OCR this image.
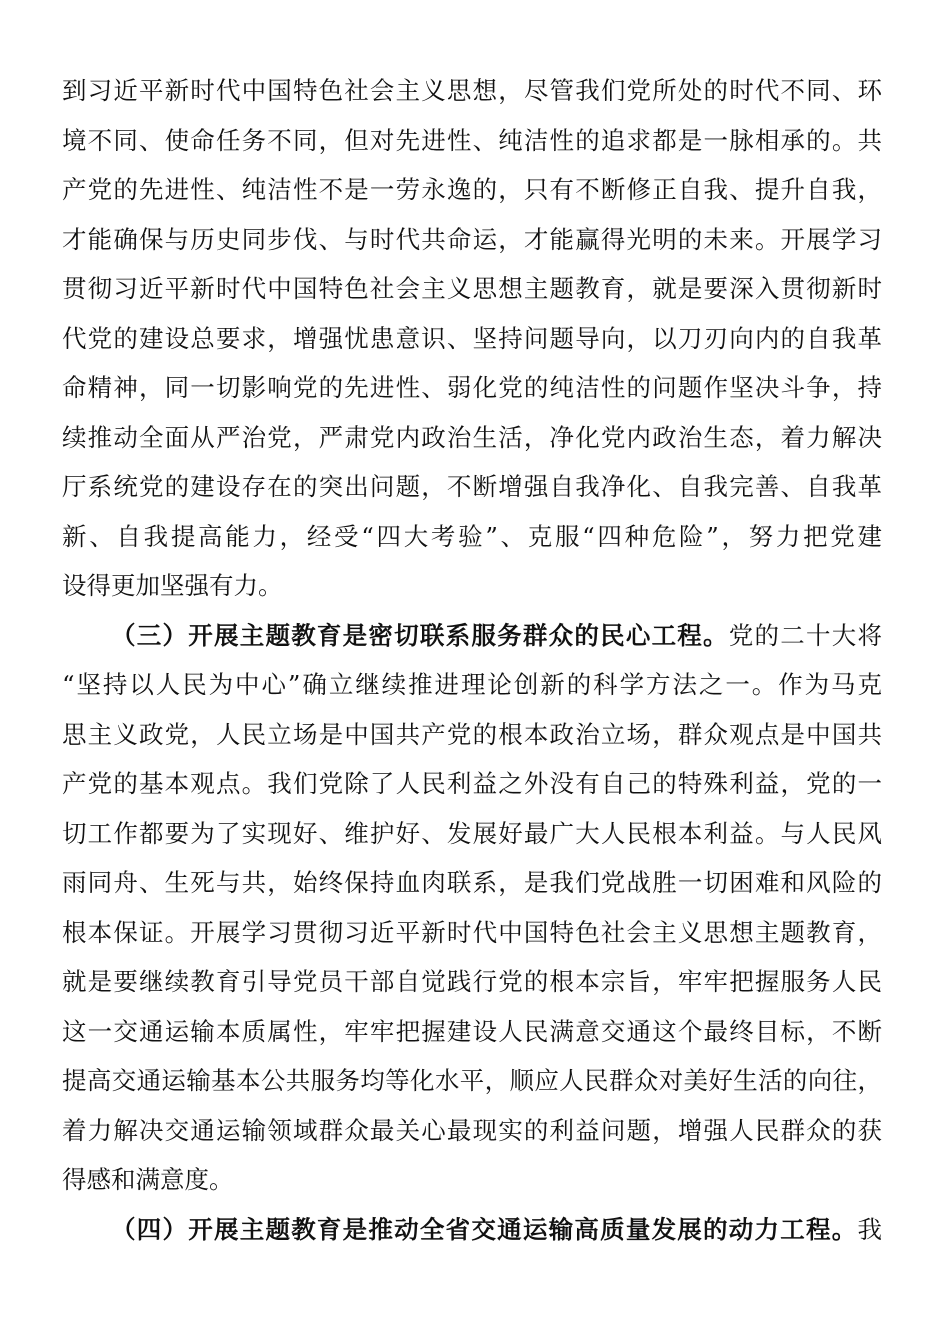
到习近平新时代中国特色社会主义思想，尽管我们党所处的时代不同、环
境不同、使命任务不同，但对先进性、纯洁性的追求都是一脉相承的。共
产党的先进性、纯洁性不是一劳永逸的，只有不断修正自我、提升自我，
才能确保与历史同步伐、与时代共命运，才能赢得光明的未来。开展学习
贯彻习近平新时代中国特色社会主义思想主题教育，就是要深入贯彻新时
代党的建设总要求，增强忧患意识、坚持问题导向，以刀刃向内的自我革
命精神，同一切影响党的先进性、弱化党的纯洁性的问题作坚决斗争，持
续推动全面从严治党，严肃党内政治生活，净化党内政治生态，着力解决
厅系统党的建设存在的突出问题，不断增强自我净化、自我完善、自我革
新、自我提高能力，经受“四大考验”、克服“四种危险”，努力把党建
设得更加坚强有力。
（三）开展主题教育是密切联系服务群众的民心工程。党的二十大将
“坚持以人民为中心”确立继续推进理论创新的科学方法之一。作为马克
思主义政党，人民立场是中国共产党的根本政治立场，群众观点是中国共
产党的基本观点。我们党除了人民利益之外没有自己的特殊利益，党的一
切工作都要为了实现好、维护好、发展好最广大人民根本利益。与人民风
雨同舟、生死与共，始终保持血肉联系，是我们党战胜一切困难和风险的
根本保证。开展学习贯彻习近平新时代中国特色社会主义思想主题教育，
就是要继续教育引导党员干部自觉践行党的根本宗旨，牢牢把握服务人民
这一交通运输本质属性，牢牢把握建设人民满意交通这个最终目标，不断
提高交通运输基本公共服务均等化水平，顺应人民群众对美好生活的向往，
着力解决交通运输领域群众最关心最现实的利益问题，增强人民群众的获
得感和满意度。
（四）开展主题教育是推动全省交通运输高质量发展的动力工程。我
